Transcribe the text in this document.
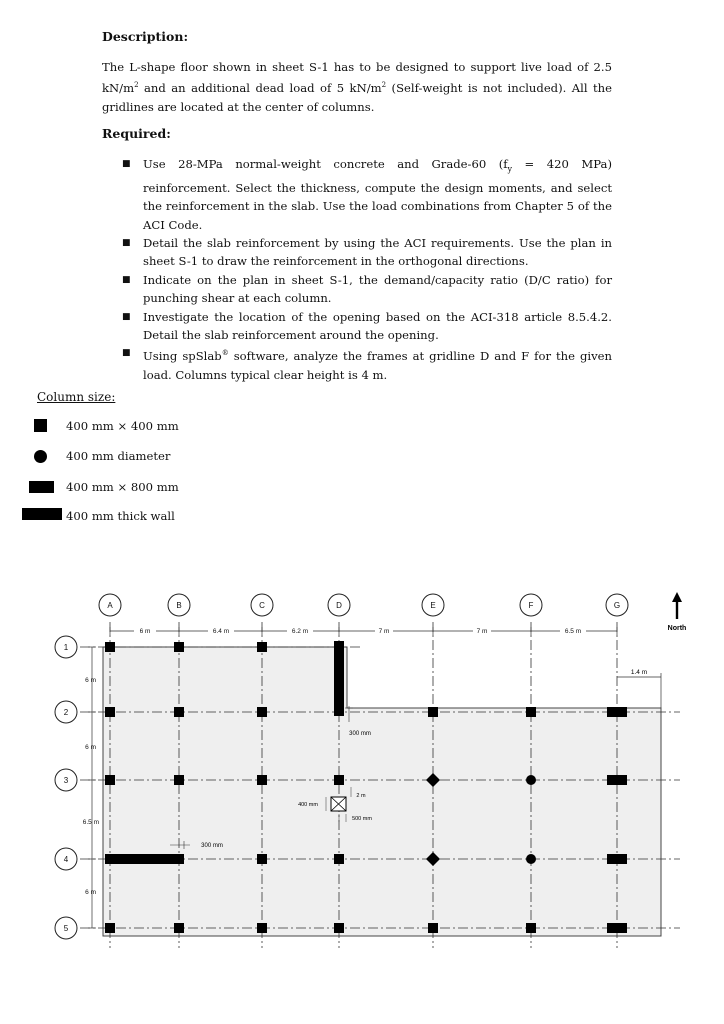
Description:
The L-shape floor shown in sheet S-1 has to be designed to support live load of 2.5 $kN/m^2$ and an additional dead load of 5 $kN/m^2$ (Self-weight is not included). All the gridlines are located at the center of columns.
Required:
■ Use 28-MPa normal-weight concrete and Grade-60 ($f_y = 420$ MPa) reinforcement. Select the thickness, compute the design moments, and select the reinforcement in the slab. Use the load combinations from Chapter 5 of the ACI Code.
■ Detail the slab reinforcement by using the ACI requirements. Use the plan in sheet S-1 to draw the reinforcement in the orthogonal directions.
■ Indicate on the plan in sheet S-1, the demand/capacity ratio (D/C ratio) for punching shear at each column.
■ Investigate the location of the opening based on the ACI-318 article 8.5.4.2. Detail the slab reinforcement around the opening.
■ Using spSlab® software, analyze the frames at gridline D and F for the given load. Columns typical clear height is 4 m.
Column size:
400 mm × 400 mm
400 mm diameter
400 mm × 800 mm
400 mm thick wall
A	B	C	D	E	F	G
1
2
3
4
5
6 m	6.4 m	6.2 m	7 m	7 m	6.5 m
6 m
6 m
6.5 m
6 m
North
1.4 m
300 mm
300 mm
400 mm
2 m
500 mm
